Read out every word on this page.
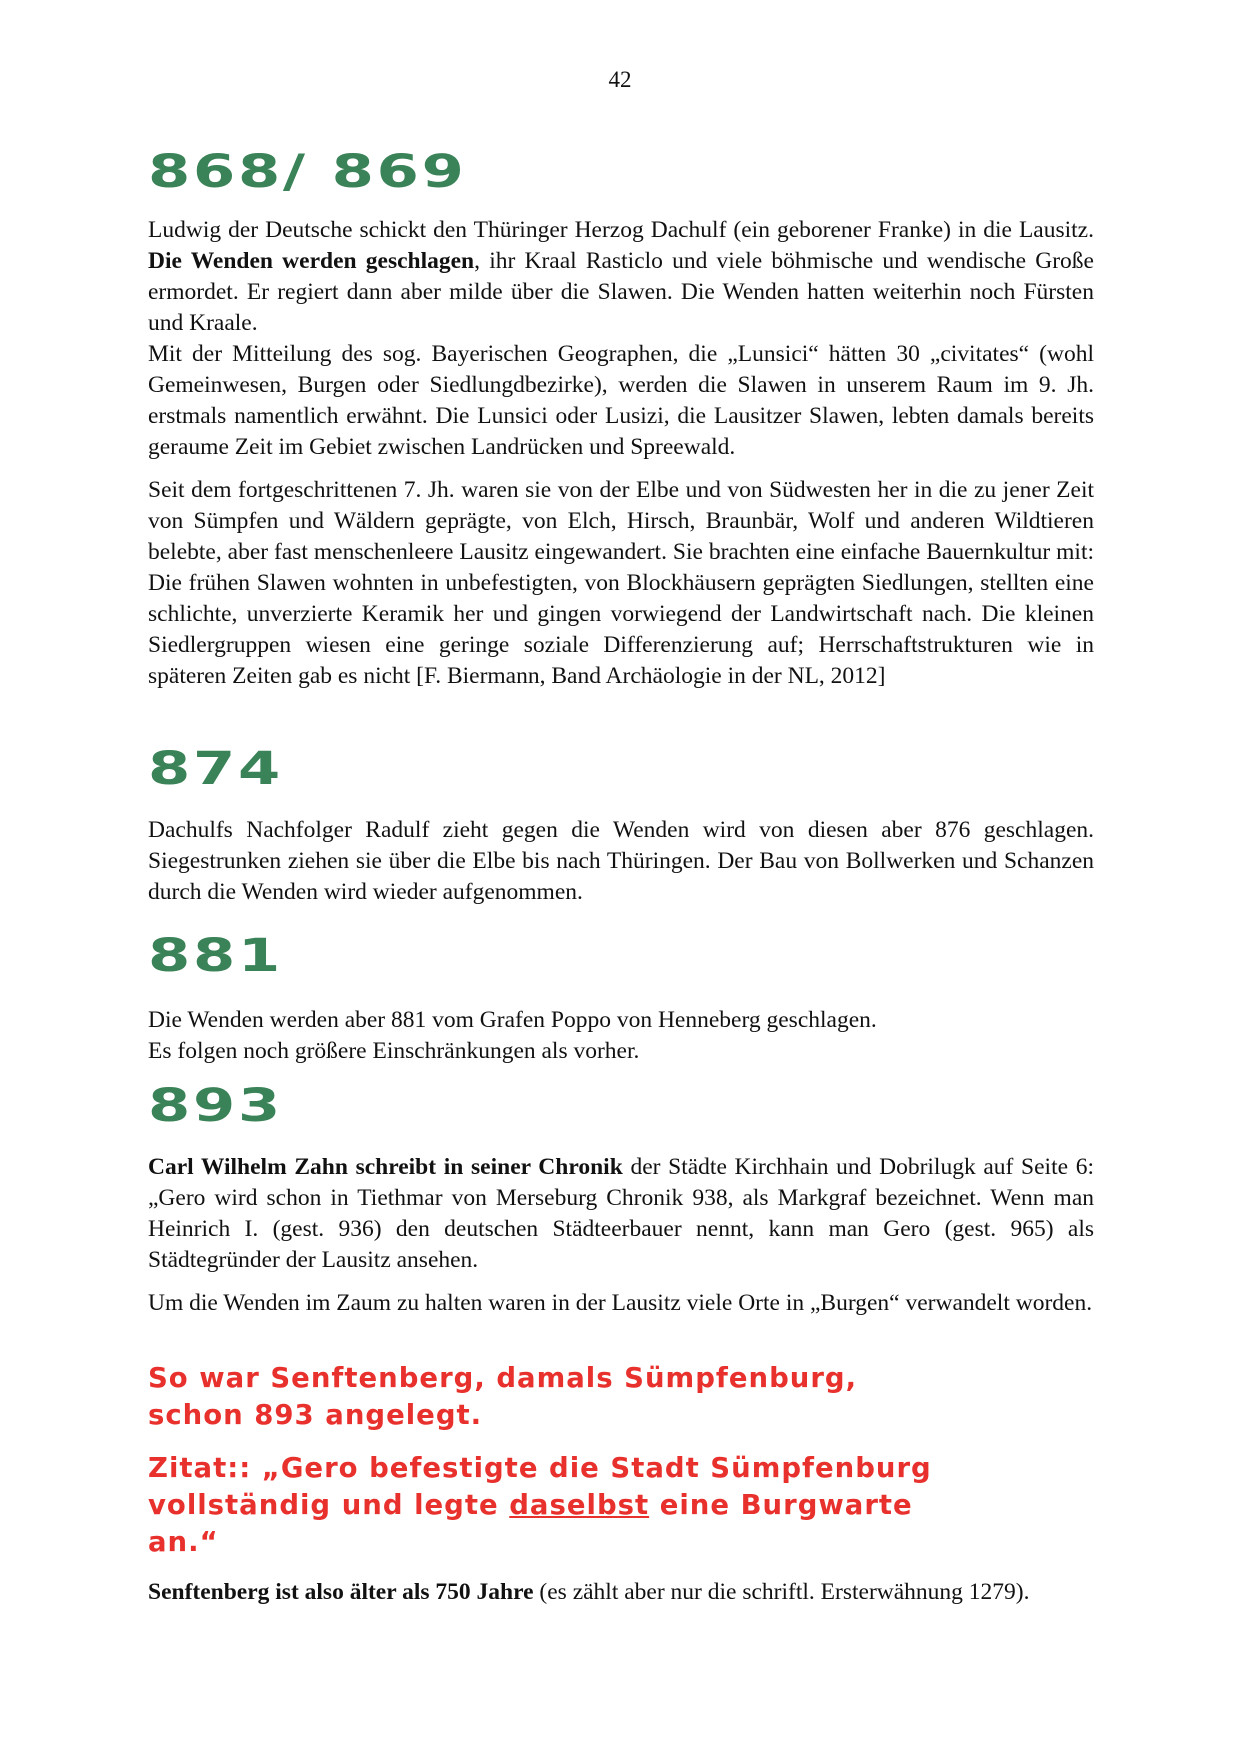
42
868/ 869

Ludwig der Deutsche schickt den Thüringer Herzog Dachulf (ein geborener Franke) in die Lausitz. Die Wenden werden geschlagen, ihr Kraal Rasticlo und viele böhmische und wendische Große ermordet. Er regiert dann aber milde über die Slawen. Die Wenden hatten weiterhin noch Fürsten und Kraale.

Mit der Mitteilung des sog. Bayerischen Geographen, die „Lunsici“ hätten 30 „civitates“ (wohl Gemeinwesen, Burgen oder Siedlungdbezirke), werden die Slawen in unserem Raum im 9. Jh. erstmals namentlich erwähnt. Die Lunsici oder Lusizi, die Lausitzer Slawen, lebten damals bereits geraume Zeit im Gebiet zwischen Landrücken und Spreewald.

Seit dem fortgeschrittenen 7. Jh. waren sie von der Elbe und von Südwesten her in die zu jener Zeit von Sümpfen und Wäldern geprägte, von Elch, Hirsch, Braunbär, Wolf und anderen Wildtieren belebte, aber fast menschenleere Lausitz eingewandert. Sie brachten eine einfache Bauernkultur mit: Die frühen Slawen wohnten in unbefestigten, von Blockhäusern geprägten Siedlungen, stellten eine schlichte, unverzierte Keramik her und gingen vorwiegend der Landwirtschaft nach. Die kleinen Siedlergruppen wiesen eine geringe soziale Differenzierung auf; Herrschaftstrukturen wie in späteren Zeiten gab es nicht [F. Biermann, Band Archäologie in der NL, 2012]

874

Dachulfs Nachfolger Radulf zieht gegen die Wenden wird von diesen aber 876 geschlagen. Siegestrunken ziehen sie über die Elbe bis nach Thüringen. Der Bau von Bollwerken und Schanzen durch die Wenden wird wieder aufgenommen.

881

Die Wenden werden aber 881 vom Grafen Poppo von Henneberg geschlagen.

Es folgen noch größere Einschränkungen als vorher.

893

Carl Wilhelm Zahn schreibt in seiner Chronik der Städte Kirchhain und Dobrilugk auf Seite 6: „Gero wird schon in Tiethmar von Merseburg Chronik 938, als Markgraf bezeichnet. Wenn man Heinrich I. (gest. 936) den deutschen Städteerbauer nennt, kann man Gero (gest. 965) als Städtegründer der Lausitz ansehen.

Um die Wenden im Zaum zu halten waren in der Lausitz viele Orte in „Burgen“ verwandelt worden.

So war Senftenberg, damals Sümpfenburg,

schon 893 angelegt.

Zitat:: „Gero befestigte die Stadt Sümpfenburg

vollständig und legte daselbst eine Burgwarte

an.“

Senftenberg ist also älter als 750 Jahre (es zählt aber nur die schriftl. Ersterwähnung 1279).
